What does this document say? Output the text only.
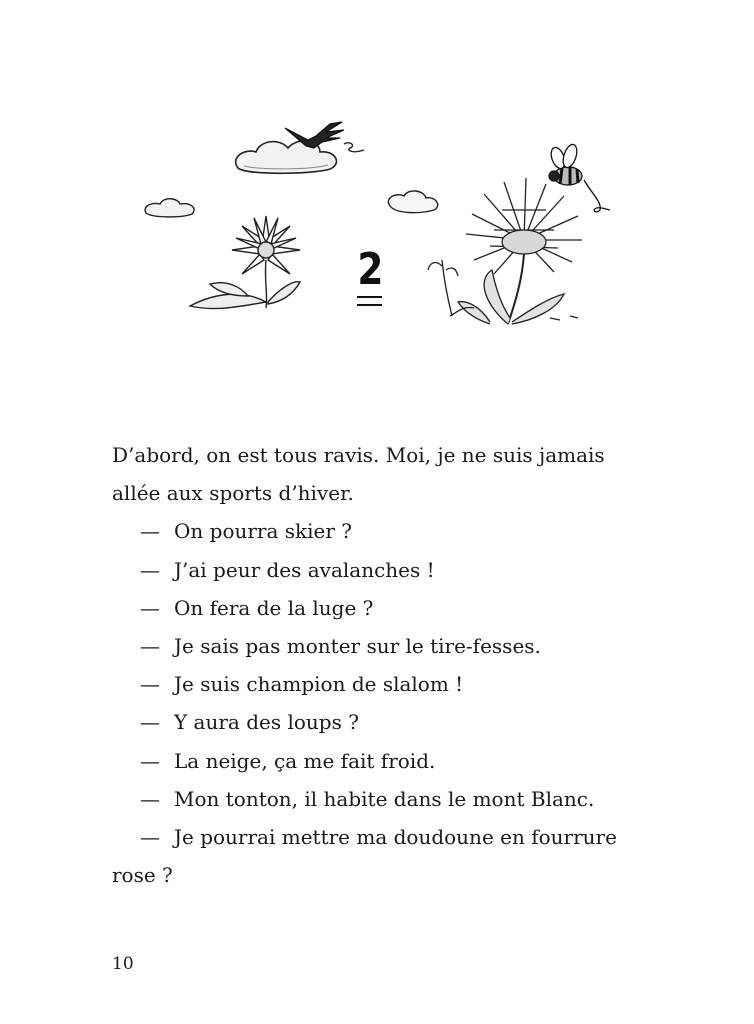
2
D’abord, on est tous ravis. Moi, je ne suis jamais
allée aux sports d’hiver.
— On pourra skier ?
— J’ai peur des avalanches !
— On fera de la luge ?
— Je sais pas monter sur le tire-fesses.
— Je suis champion de slalom !
— Y aura des loups ?
— La neige, ça me fait froid.
— Mon tonton, il habite dans le mont Blanc.
— Je pourrai mettre ma doudoune en fourrure
rose ?
10
